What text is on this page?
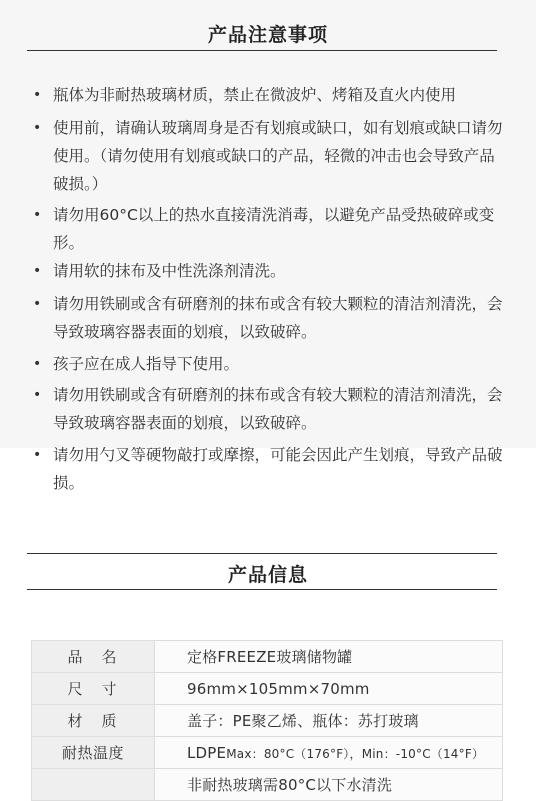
产品注意事项
• 瓶体为非耐热玻璃材质，禁止在微波炉、烤箱及直火内使用
• 使用前，请确认玻璃周身是否有划痕或缺口，如有划痕或缺口请勿使用。（请勿使用有划痕或缺口的产品，轻微的冲击也会导致产品破损。）
• 请勿用60°C以上的热水直接清洗消毒，以避免产品受热破碎或变形。
• 请用软的抹布及中性洗涤剂清洗。
• 请勿用铁刷或含有研磨剂的抹布或含有较大颗粒的清洁剂清洗，会导致玻璃容器表面的划痕，以致破碎。
• 孩子应在成人指导下使用。
• 请勿用铁刷或含有研磨剂的抹布或含有较大颗粒的清洁剂清洗，会导致玻璃容器表面的划痕，以致破碎。
• 请勿用勺叉等硬物敲打或摩擦，可能会因此产生划痕，导致产品破损。
产品信息
品　名	定格FREEZE玻璃储物罐
尺　寸	96mm×105mm×70mm
材　质	盖子：PE聚乙烯、瓶体：苏打玻璃
耐热温度	LDPEMax：80°C（176°F），Min：-10°C（14°F）
	非耐热玻璃需80°C以下水清洗
